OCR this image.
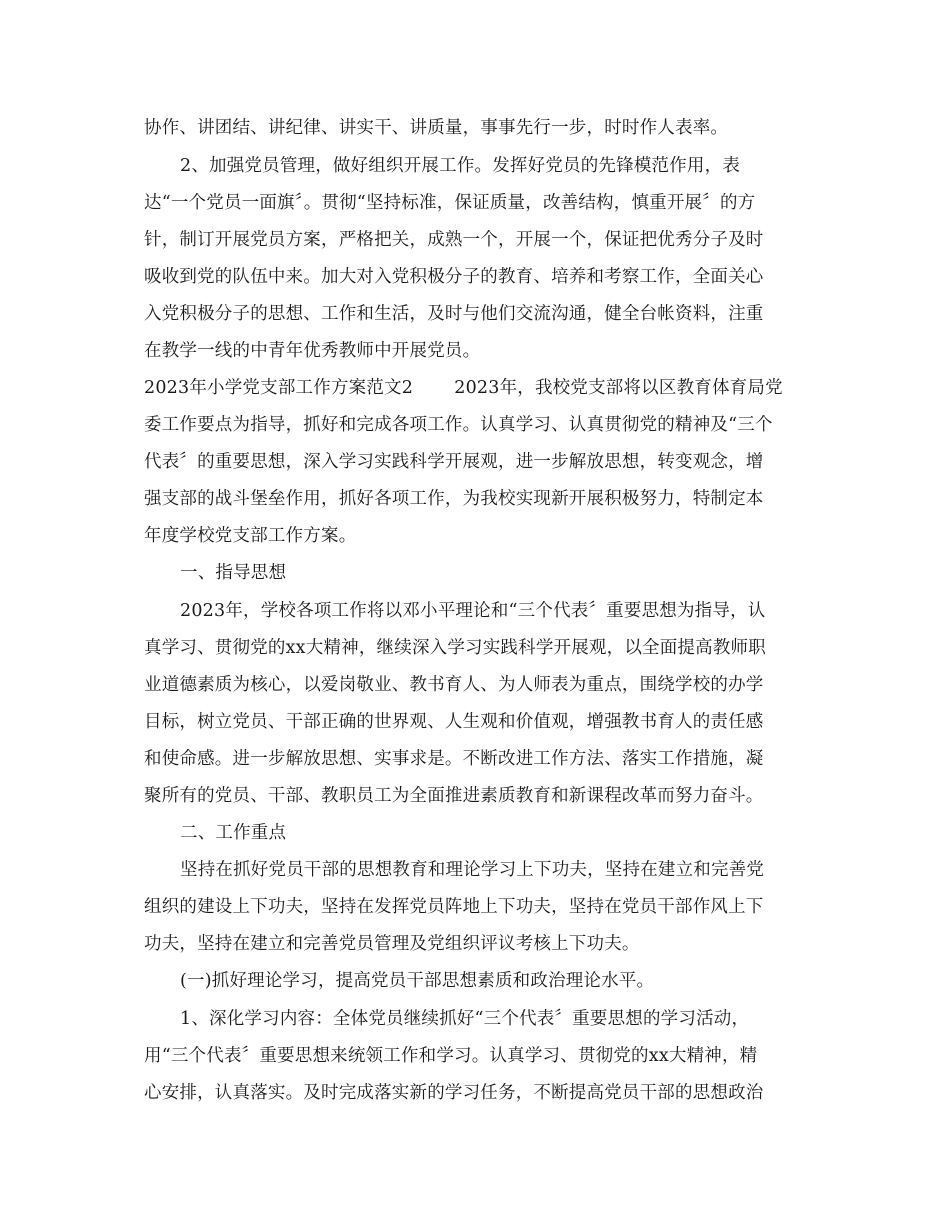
协作、讲团结、讲纪律、讲实干、讲质量，事事先行一步，时时作人表率。
2、加强党员管理，做好组织开展工作。发挥好党员的先锋模范作用，表
达“一个党员一面旗〞。贯彻“坚持标准，保证质量，改善结构，慎重开展〞的方
针，制订开展党员方案，严格把关，成熟一个，开展一个，保证把优秀分子及时
吸收到党的队伍中来。加大对入党积极分子的教育、培养和考察工作，全面关心
入党积极分子的思想、工作和生活，及时与他们交流沟通，健全台帐资料，注重
在教学一线的中青年优秀教师中开展党员。
2023年小学党支部工作方案范文2　　 2023年，我校党支部将以区教育体育局党
委工作要点为指导，抓好和完成各项工作。认真学习、认真贯彻党的精神及“三个
代表〞的重要思想，深入学习实践科学开展观，进一步解放思想，转变观念，增
强支部的战斗堡垒作用，抓好各项工作，为我校实现新开展积极努力，特制定本
年度学校党支部工作方案。
一、指导思想
2023年，学校各项工作将以邓小平理论和“三个代表〞重要思想为指导，认
真学习、贯彻党的xx大精神，继续深入学习实践科学开展观，以全面提高教师职
业道德素质为核心，以爱岗敬业、教书育人、为人师表为重点，围绕学校的办学
目标，树立党员、干部正确的世界观、人生观和价值观，增强教书育人的责任感
和使命感。进一步解放思想、实事求是。不断改进工作方法、落实工作措施，凝
聚所有的党员、干部、教职员工为全面推进素质教育和新课程改革而努力奋斗。
二、工作重点
坚持在抓好党员干部的思想教育和理论学习上下功夫，坚持在建立和完善党
组织的建设上下功夫，坚持在发挥党员阵地上下功夫，坚持在党员干部作风上下
功夫，坚持在建立和完善党员管理及党组织评议考核上下功夫。
(一)抓好理论学习，提高党员干部思想素质和政治理论水平。
1、深化学习内容：全体党员继续抓好“三个代表〞重要思想的学习活动，
用“三个代表〞重要思想来统领工作和学习。认真学习、贯彻党的xx大精神，精
心安排，认真落实。及时完成落实新的学习任务，不断提高党员干部的思想政治
